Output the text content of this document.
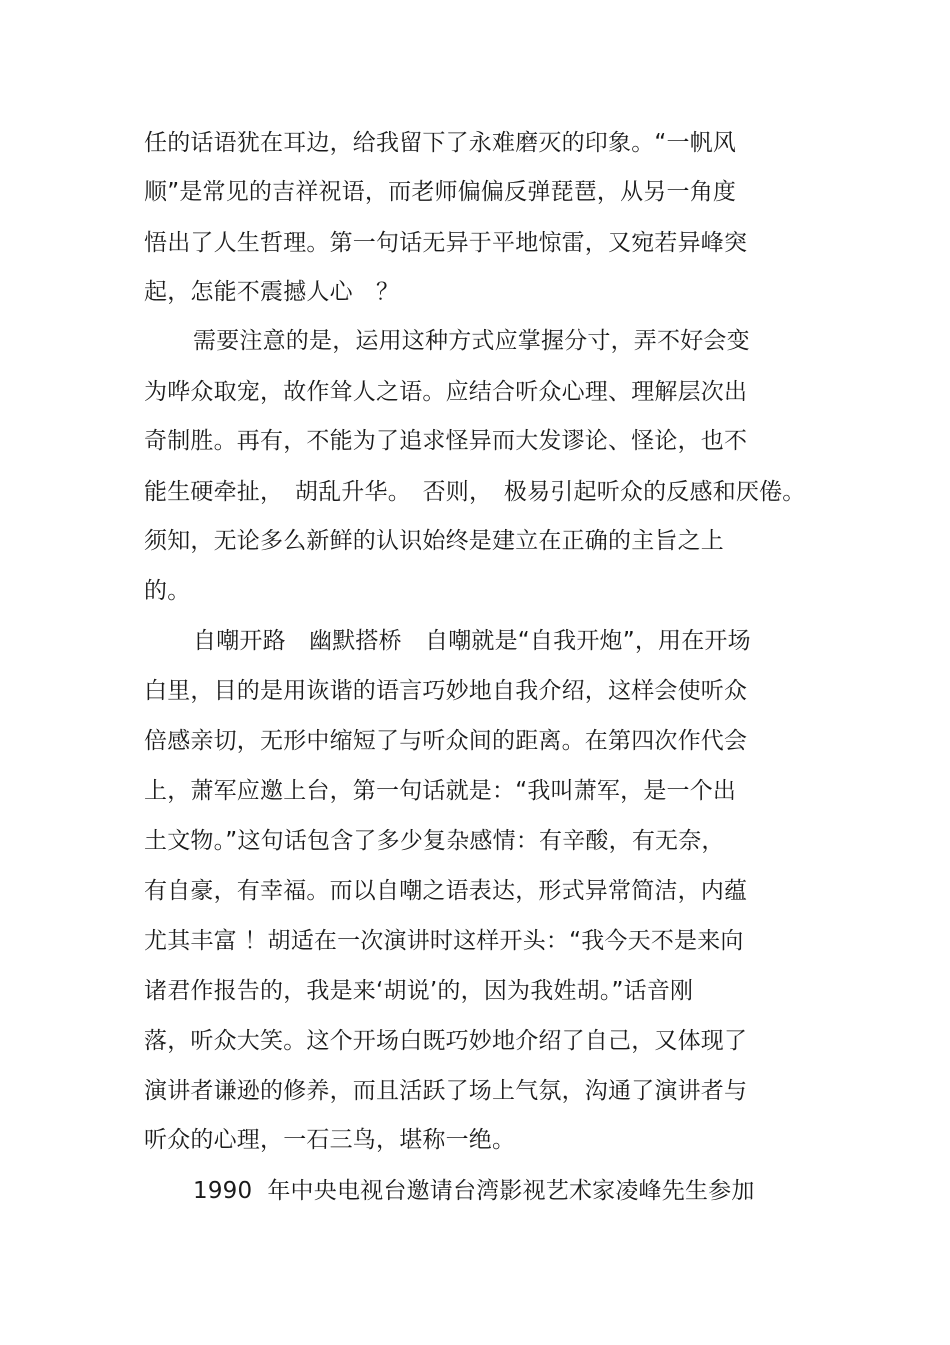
任的话语犹在耳边，给我留下了永难磨灭的印象。“一帆风
顺”是常见的吉祥祝语，而老师偏偏反弹琵琶，从另一角度
悟出了人生哲理。第一句话无异于平地惊雷，又宛若异峰突
起，怎能不震撼人心　？
需要注意的是，运用这种方式应掌握分寸，弄不好会变
为哗众取宠，故作耸人之语。应结合听众心理、理解层次出
奇制胜。再有，不能为了追求怪异而大发谬论、怪论，也不
能生硬牵扯，　胡乱升华。　否则，　极易引起听众的反感和厌倦。
须知，无论多么新鲜的认识始终是建立在正确的主旨之上
的。
自嘲开路　幽默搭桥　自嘲就是“自我开炮”，用在开场
白里，目的是用诙谐的语言巧妙地自我介绍，这样会使听众
倍感亲切，无形中缩短了与听众间的距离。在第四次作代会
上，萧军应邀上台，第一句话就是：“我叫萧军，是一个出
土文物。”这句话包含了多少复杂感情：有辛酸，有无奈，
有自豪，有幸福。而以自嘲之语表达，形式异常简洁，内蕴
尤其丰富 ！胡适在一次演讲时这样开头：“我今天不是来向
诸君作报告的，我是来‘胡说’的，因为我姓胡。”话音刚
落，听众大笑。这个开场白既巧妙地介绍了自己，又体现了
演讲者谦逊的修养，而且活跃了场上气氛，沟通了演讲者与
听众的心理，一石三鸟，堪称一绝。
1990  年中央电视台邀请台湾影视艺术家凌峰先生参加
